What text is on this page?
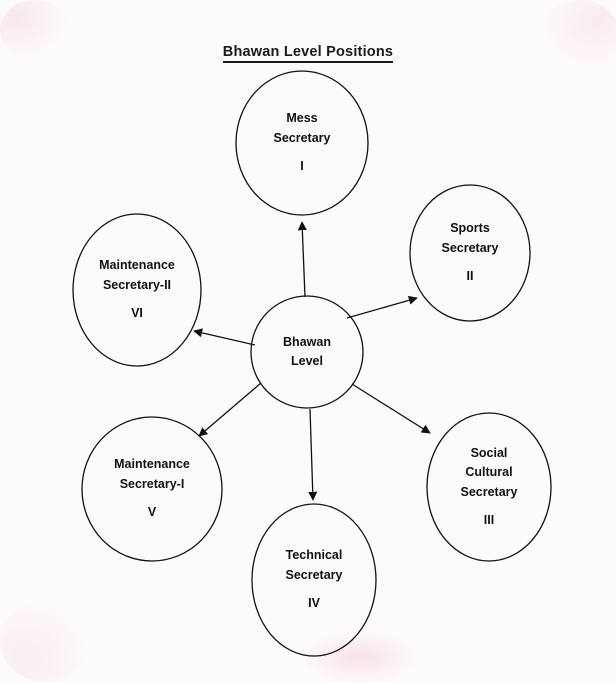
Bhawan Level Positions
Mess
Secretary
I
Sports
Secretary
II
Social
Cultural
Secretary
III
Technical
Secretary
IV
Maintenance
Secretary-I
V
Maintenance
Secretary-II
VI
Bhawan
Level
